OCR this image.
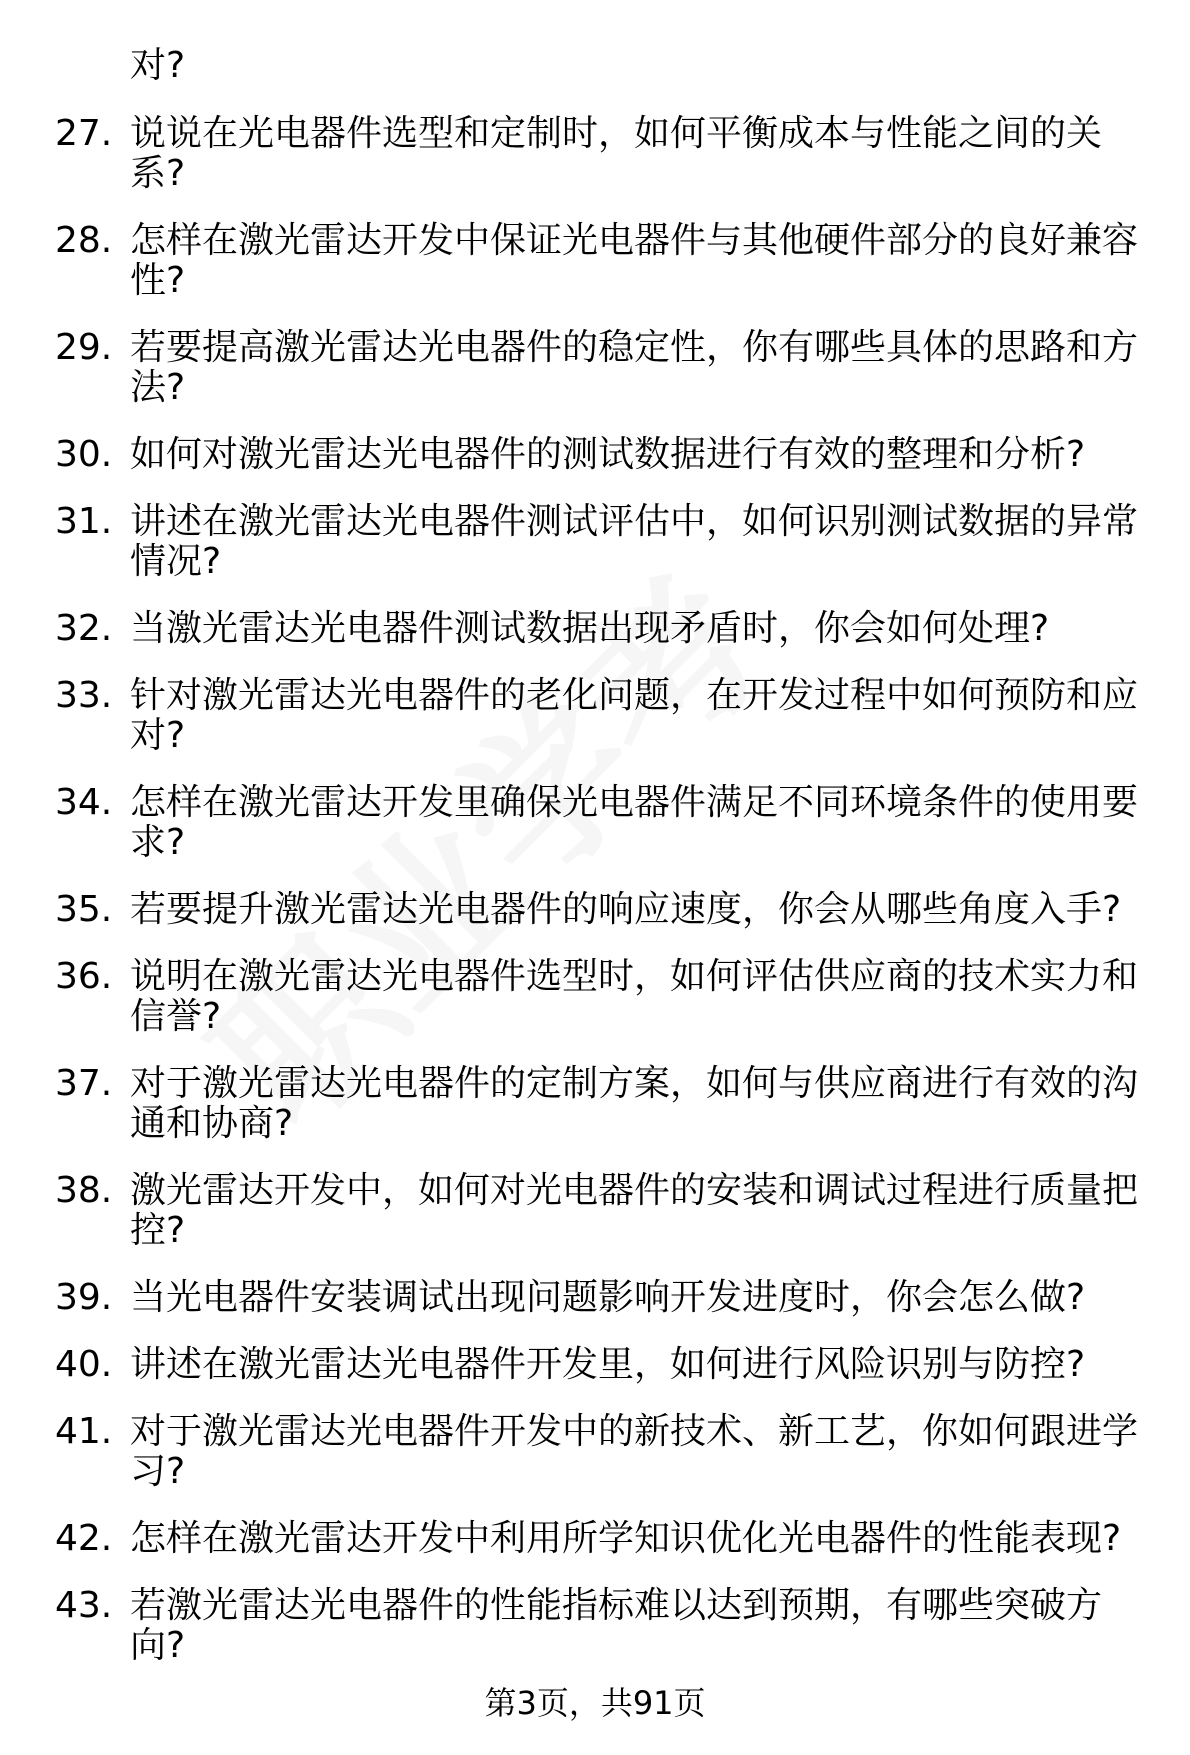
对?
27. 说说在光电器件选型和定制时，如何平衡成本与性能之间的关系?
28. 怎样在激光雷达开发中保证光电器件与其他硬件部分的良好兼容性?
29. 若要提高激光雷达光电器件的稳定性，你有哪些具体的思路和方法?
30. 如何对激光雷达光电器件的测试数据进行有效的整理和分析?
31. 讲述在激光雷达光电器件测试评估中，如何识别测试数据的异常情况?
32. 当激光雷达光电器件测试数据出现矛盾时，你会如何处理?
33. 针对激光雷达光电器件的老化问题，在开发过程中如何预防和应对?
34. 怎样在激光雷达开发里确保光电器件满足不同环境条件的使用要求?
35. 若要提升激光雷达光电器件的响应速度，你会从哪些角度入手?
36. 说明在激光雷达光电器件选型时，如何评估供应商的技术实力和信誉?
37. 对于激光雷达光电器件的定制方案，如何与供应商进行有效的沟通和协商?
38. 激光雷达开发中，如何对光电器件的安装和调试过程进行质量把控?
39. 当光电器件安装调试出现问题影响开发进度时，你会怎么做?
40. 讲述在激光雷达光电器件开发里，如何进行风险识别与防控?
41. 对于激光雷达光电器件开发中的新技术、新工艺，你如何跟进学习?
42. 怎样在激光雷达开发中利用所学知识优化光电器件的性能表现?
43. 若激光雷达光电器件的性能指标难以达到预期，有哪些突破方向?
第3页，共91页
